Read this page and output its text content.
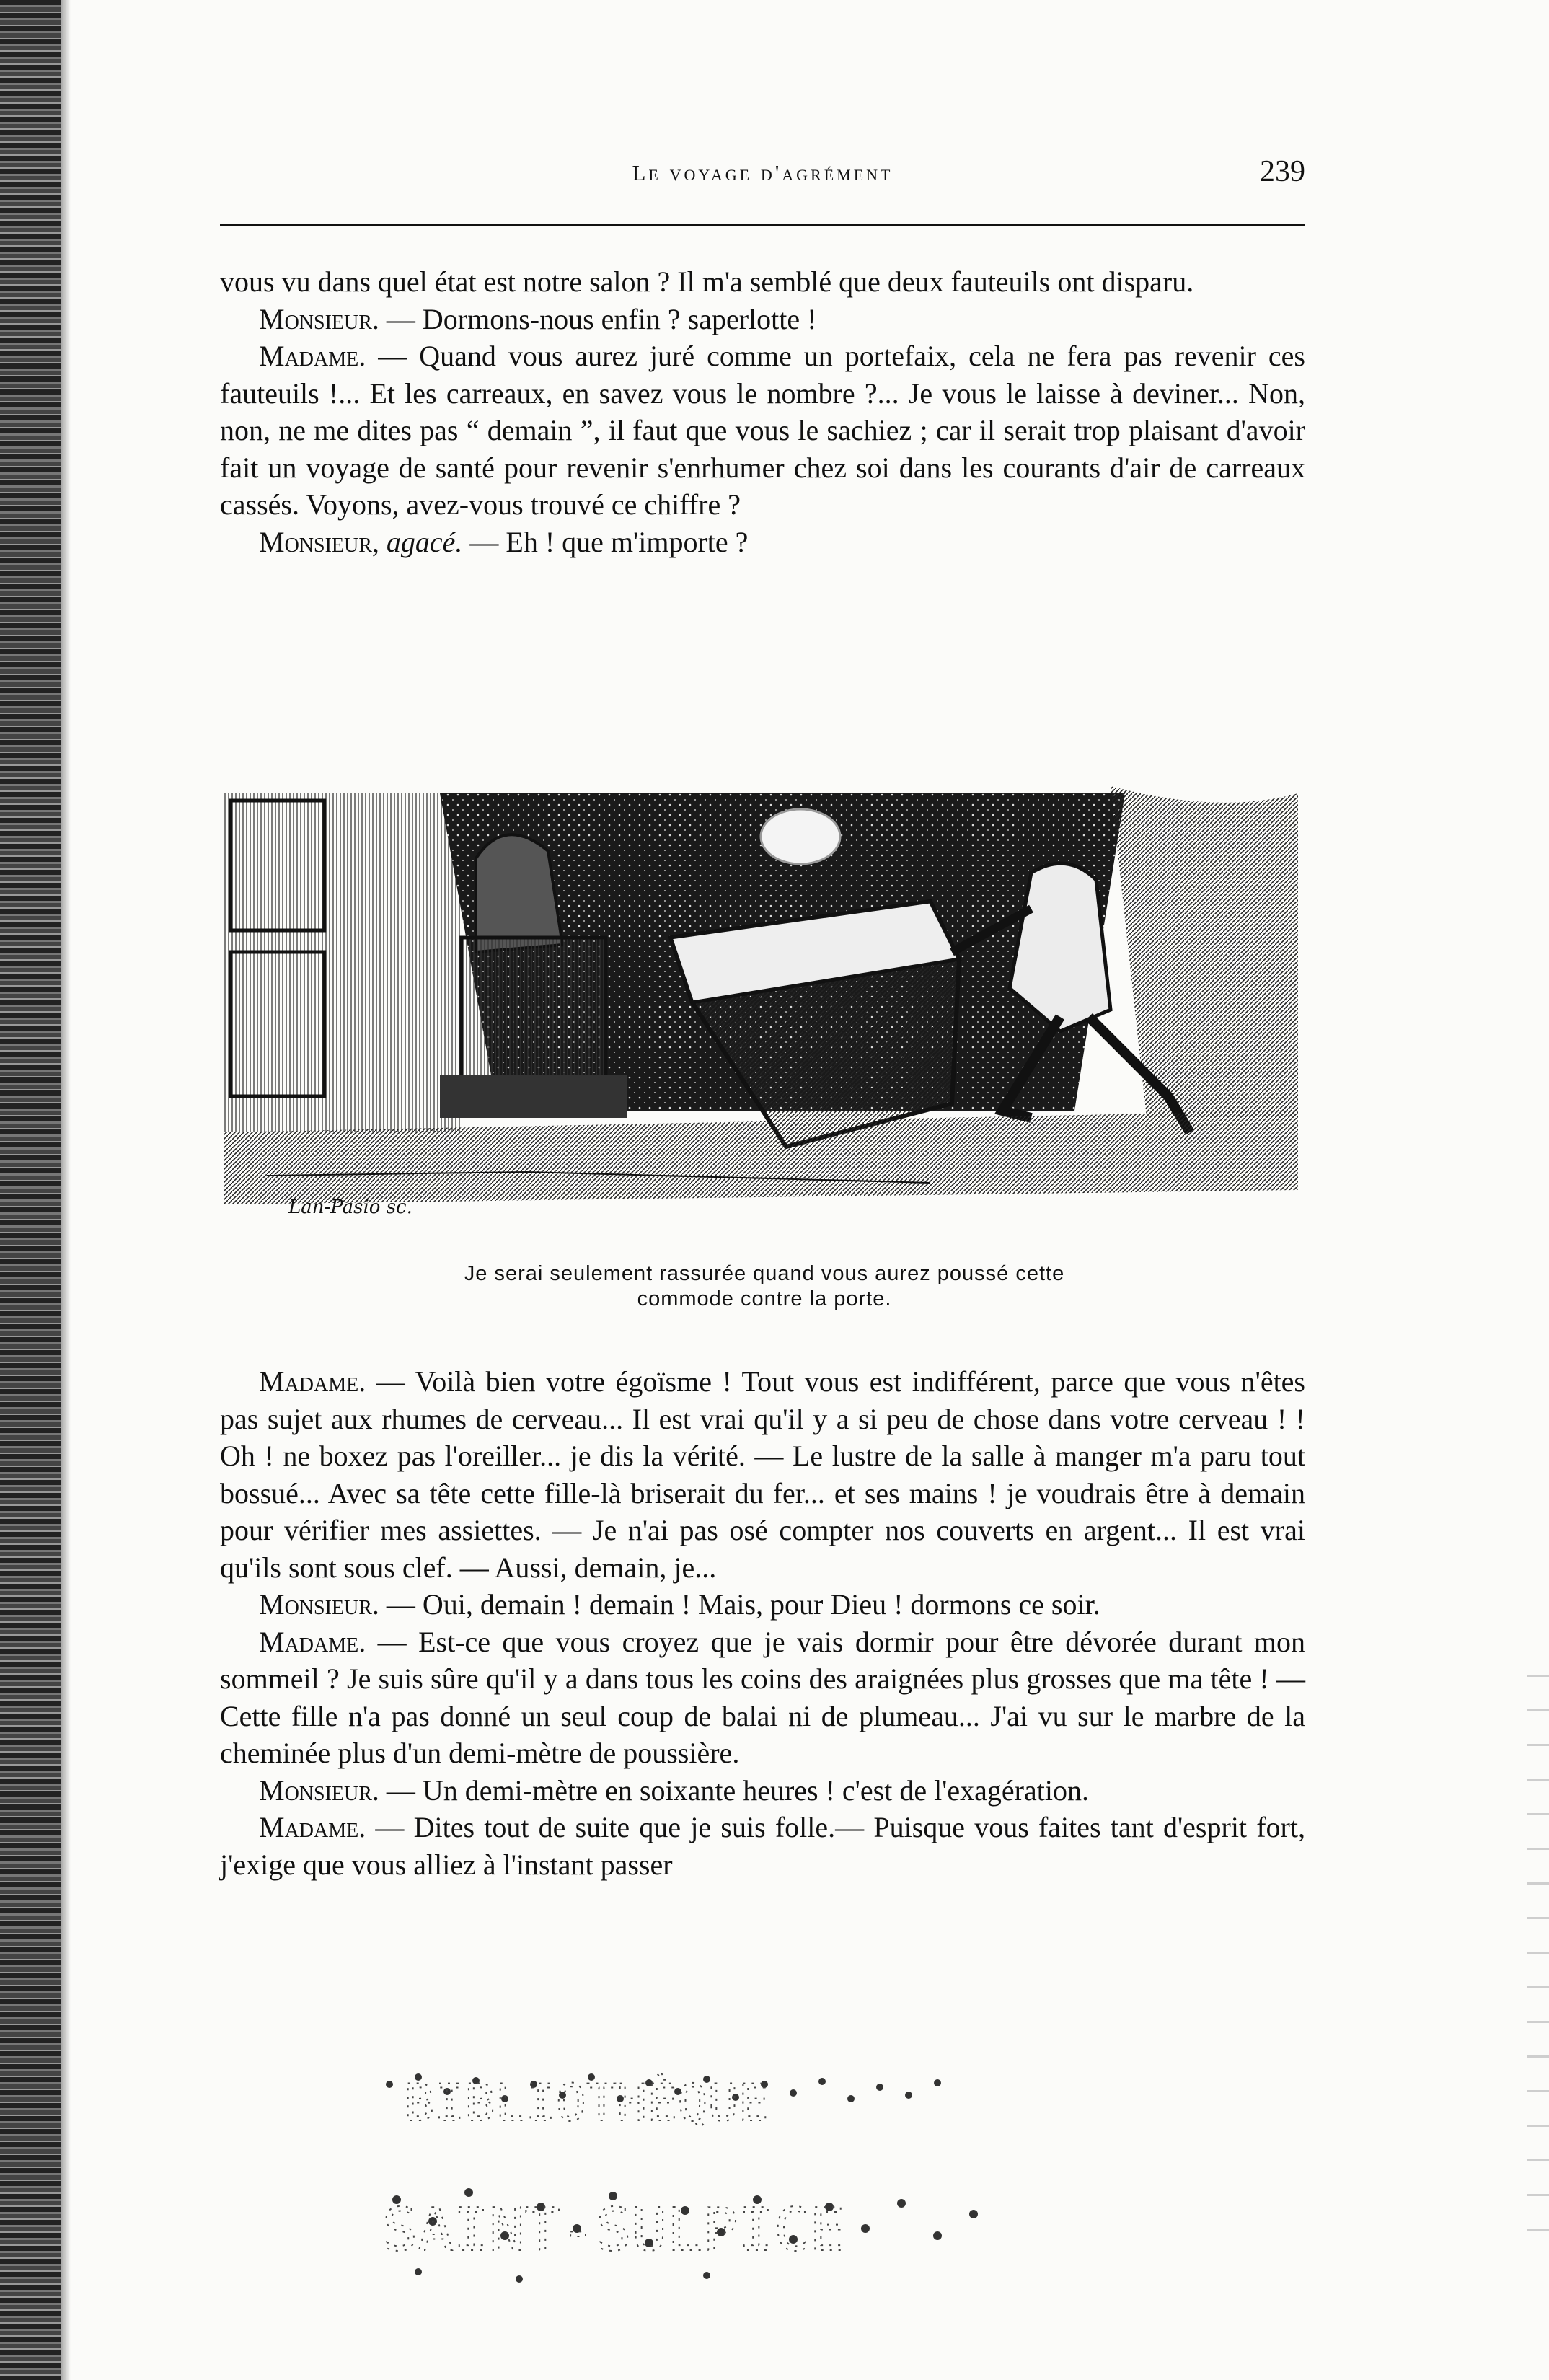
Le voyage d'agrément	239

vous vu dans quel état est notre salon ? Il m'a semblé que deux fauteuils ont disparu.

Monsieur. — Dormons-nous enfin ? saperlotte !

Madame. — Quand vous aurez juré comme un portefaix, cela ne fera pas revenir ces fauteuils !... Et les carreaux, en savez vous le nombre ?... Je vous le laisse à deviner... Non, non, ne me dites pas “ demain ”, il faut que vous le sachiez ; car il serait trop plaisant d'avoir fait un voyage de santé pour revenir s'enrhumer chez soi dans les courants d'air de carreaux cassés. Voyons, avez-vous trouvé ce chiffre ?

Monsieur, agacé. — Eh ! que m'importe ?

Lan-Pasio sc.
Je serai seulement rassurée quand vous aurez poussé cette
commode contre la porte.

Madame. — Voilà bien votre égoïsme ! Tout vous est indifférent, parce que vous n'êtes pas sujet aux rhumes de cerveau... Il est vrai qu'il y a si peu de chose dans votre cerveau ! ! Oh ! ne boxez pas l'oreiller... je dis la vérité. — Le lustre de la salle à manger m'a paru tout bossué... Avec sa tête cette fille-là briserait du fer... et ses mains ! je voudrais être à demain pour vérifier mes assiettes. — Je n'ai pas osé compter nos couverts en argent... Il est vrai qu'ils sont sous clef. — Aussi, demain, je...

Monsieur. — Oui, demain ! demain ! Mais, pour Dieu ! dormons ce soir.

Madame. — Est-ce que vous croyez que je vais dormir pour être dévorée durant mon sommeil ? Je suis sûre qu'il y a dans tous les coins des araignées plus grosses que ma tête ! — Cette fille n'a pas donné un seul coup de balai ni de plumeau... J'ai vu sur le marbre de la cheminée plus d'un demi-mètre de poussière.

Monsieur. — Un demi-mètre en soixante heures ! c'est de l'exagération.

Madame. — Dites tout de suite que je suis folle.— Puisque vous faites tant d'esprit fort, j'exige que vous alliez à l'instant passer
